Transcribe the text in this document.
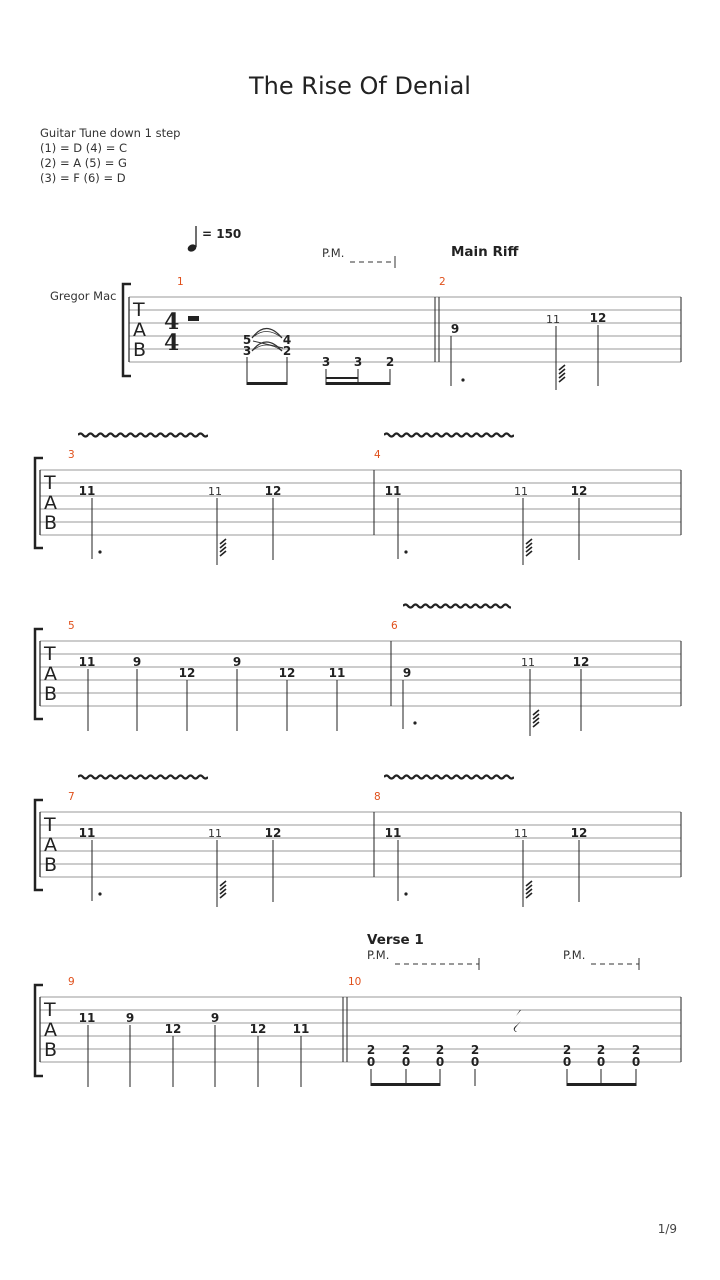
The Rise Of Denial
Guitar Tune down 1 step
(1) = D (4) = C
(2) = A (5) = G
(3) = F (6) = D
= 150
P.M.	Main Riff
Gregor Mac
T
A
B
4
4
1	2
5
3
4
2
3 3 2
9
11 12
T
A
B
3	4
11	11	12	11	11	12
T
A
B
5	6
11	9
12
9
12	11	9
11	12
T
A
B
7	8
11	11	12	11	11	12
Verse 1
P.M.	P.M.
T
A
B
9	10
11	9
12
9
12 11
2
0
2
0
2
0
2
0
2
0
2
0
2
0
1/9
